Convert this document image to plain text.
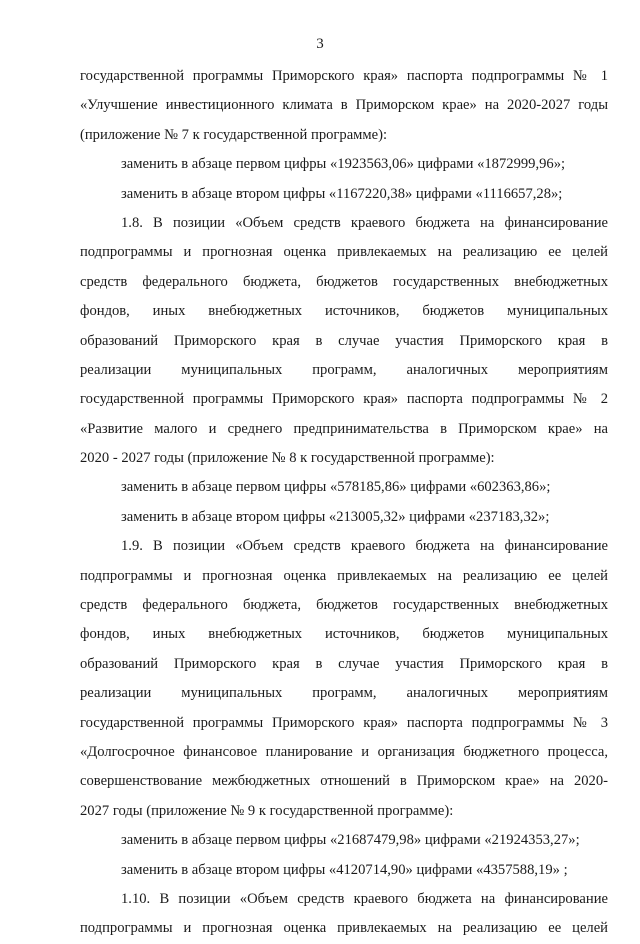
3
государственной программы Приморского края» паспорта подпрограммы № 1
«Улучшение инвестиционного климата в Приморском крае» на 2020-2027 годы
(приложение № 7 к государственной программе):
заменить в абзаце первом цифры «1923563,06» цифрами «1872999,96»;
заменить в абзаце втором цифры «1167220,38» цифрами «1116657,28»;
1.8. В позиции «Объем средств краевого бюджета на финансирование
подпрограммы и прогнозная оценка привлекаемых на реализацию ее целей
средств федерального бюджета, бюджетов государственных внебюджетных
фондов, иных внебюджетных источников, бюджетов муниципальных
образований Приморского края в случае участия Приморского края в
реализации муниципальных программ, аналогичных мероприятиям
государственной программы Приморского края» паспорта подпрограммы № 2
«Развитие малого и среднего предпринимательства в Приморском крае» на
2020 - 2027 годы (приложение № 8 к государственной программе):
заменить в абзаце первом цифры «578185,86» цифрами «602363,86»;
заменить в абзаце втором цифры «213005,32» цифрами «237183,32»;
1.9. В позиции «Объем средств краевого бюджета на финансирование
подпрограммы и прогнозная оценка привлекаемых на реализацию ее целей
средств федерального бюджета, бюджетов государственных внебюджетных
фондов, иных внебюджетных источников, бюджетов муниципальных
образований Приморского края в случае участия Приморского края в
реализации муниципальных программ, аналогичных мероприятиям
государственной программы Приморского края» паспорта подпрограммы № 3
«Долгосрочное финансовое планирование и организация бюджетного процесса,
совершенствование межбюджетных отношений в Приморском крае» на 2020-
2027 годы (приложение № 9 к государственной программе):
заменить в абзаце первом цифры «21687479,98» цифрами «21924353,27»;
заменить в абзаце втором цифры «4120714,90» цифрами «4357588,19» ;
1.10. В позиции «Объем средств краевого бюджета на финансирование
подпрограммы и прогнозная оценка привлекаемых на реализацию ее целей
